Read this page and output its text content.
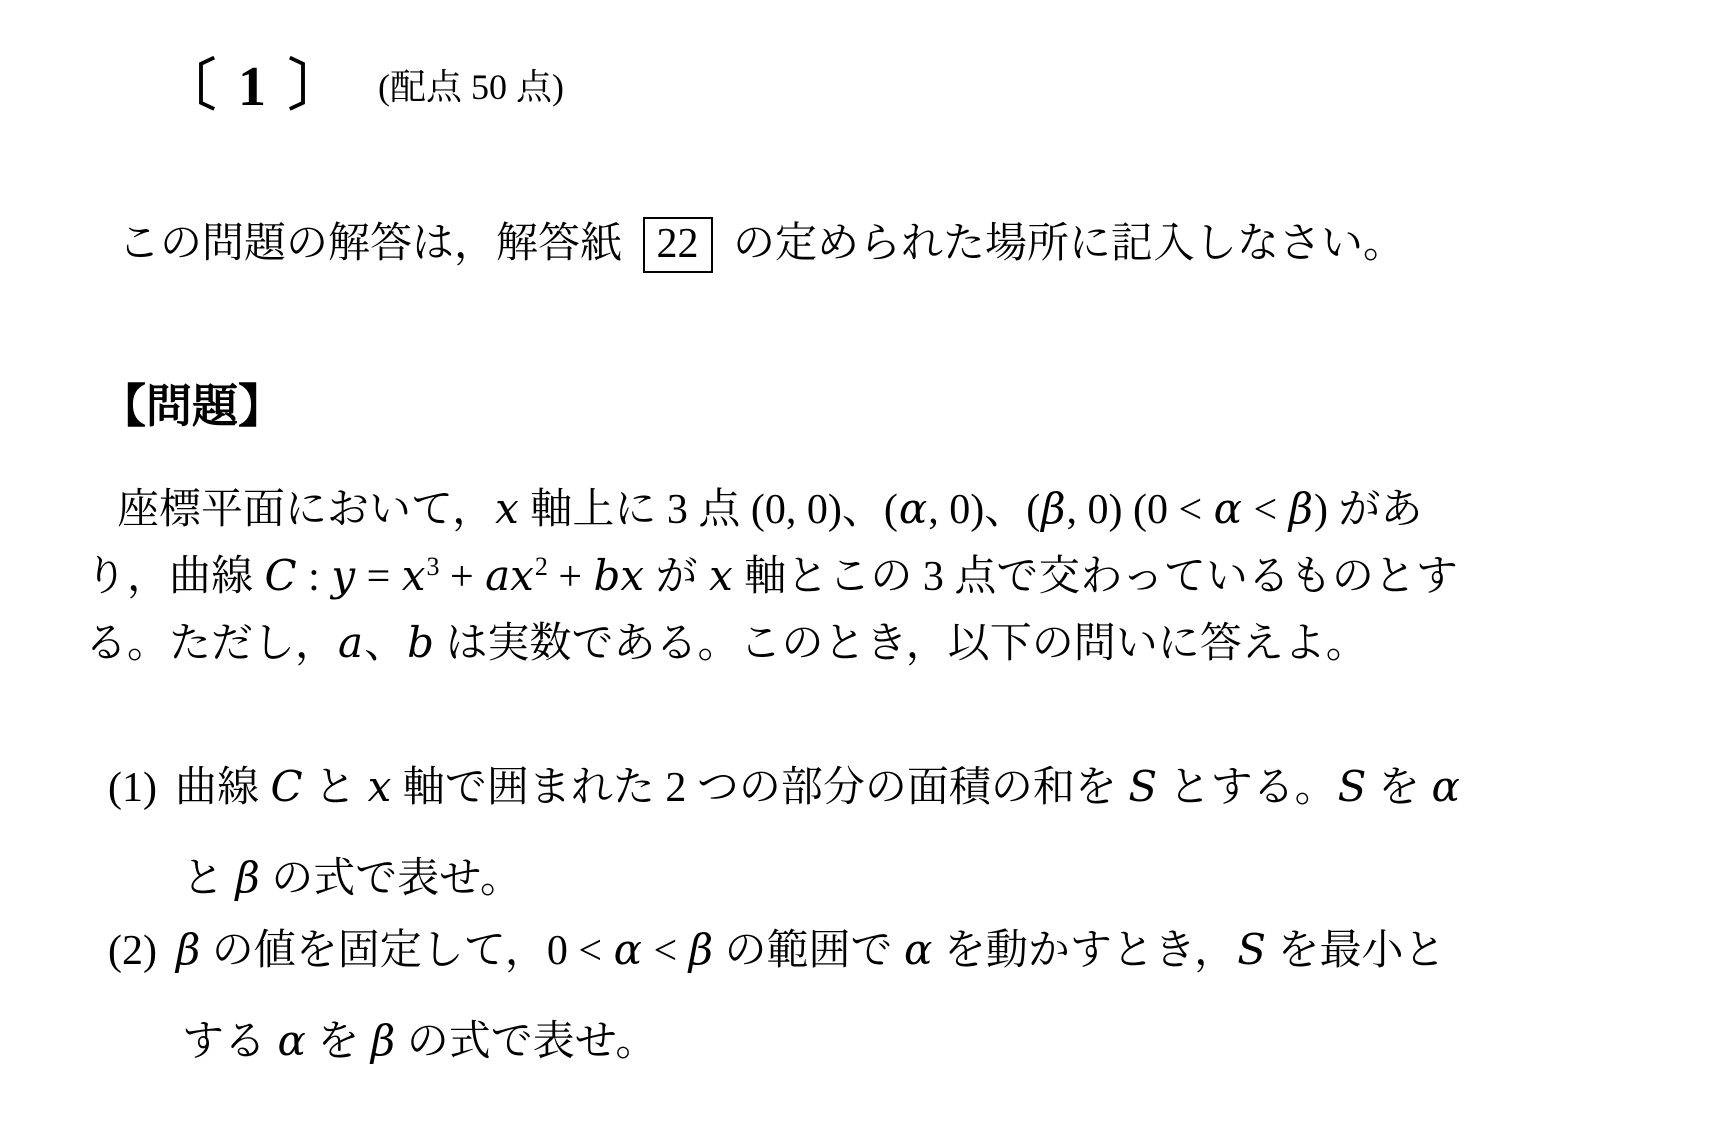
〔 1 〕 (配点 50 点)
この問題の解答は，解答紙 22 の定められた場所に記入しなさい。
【問題】
座標平面において，x 軸上に 3 点 (0, 0)、(α, 0)、(β, 0) (0 < α < β) があ
り，曲線 C : $y = x^3 + ax^2$ + bx が x 軸とこの 3 点で交わっているものとす
る。ただし，a、b は実数である。このとき，以下の問いに答えよ。
(1) 曲線 C と x 軸で囲まれた 2 つの部分の面積の和を S とする。S を α
と β の式で表せ。
(2) β の値を固定して，0 < α < β の範囲で α を動かすとき，S を最小と
する α を β の式で表せ。
